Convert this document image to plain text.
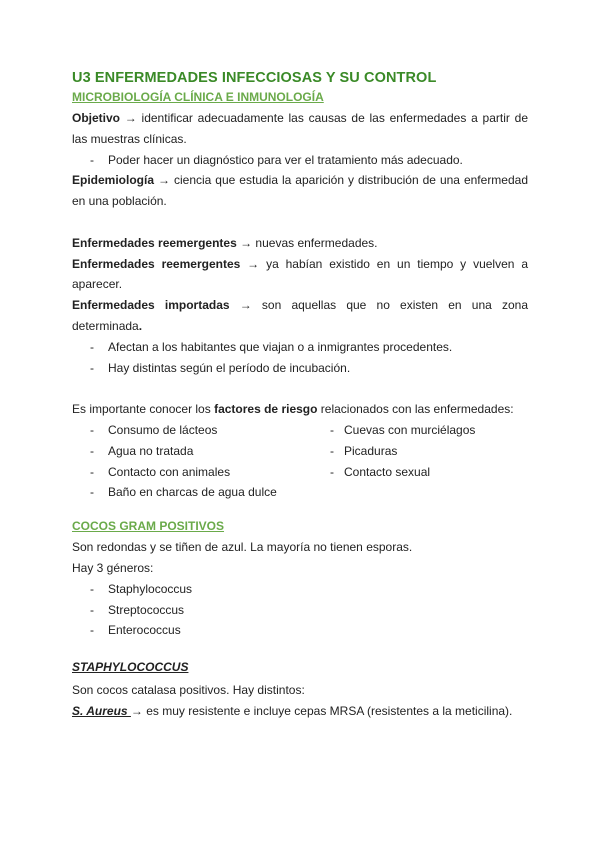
U3 ENFERMEDADES INFECCIOSAS Y SU CONTROL
MICROBIOLOGÍA CLÍNICA E INMUNOLOGÍA

Objetivo → identificar adecuadamente las causas de las enfermedades a partir de las muestras clínicas.

- Poder hacer un diagnóstico para ver el tratamiento más adecuado.

Epidemiología → ciencia que estudia la aparición y distribución de una enfermedad en una población.

Enfermedades reemergentes → nuevas enfermedades.

Enfermedades reemergentes → ya habían existido en un tiempo y vuelven a aparecer.

Enfermedades importadas → son aquellas que no existen en una zona determinada.

- Afectan a los habitantes que viajan o a inmigrantes procedentes.
- Hay distintas según el período de incubación.

Es importante conocer los factores de riesgo relacionados con las enfermedades:

- Consumo de lácteos
- Agua no tratada
- Contacto con animales
- Baño en charcas de agua dulce
- Cuevas con murciélagos
- Picaduras
- Contacto sexual
COCOS GRAM POSITIVOS

Son redondas y se tiñen de azul. La mayoría no tienen esporas.

Hay 3 géneros:

- Staphylococcus
- Streptococcus
- Enterococcus
STAPHYLOCOCCUS

Son cocos catalasa positivos. Hay distintos:

S. Aureus → es muy resistente e incluye cepas MRSA (resistentes a la meticilina).
